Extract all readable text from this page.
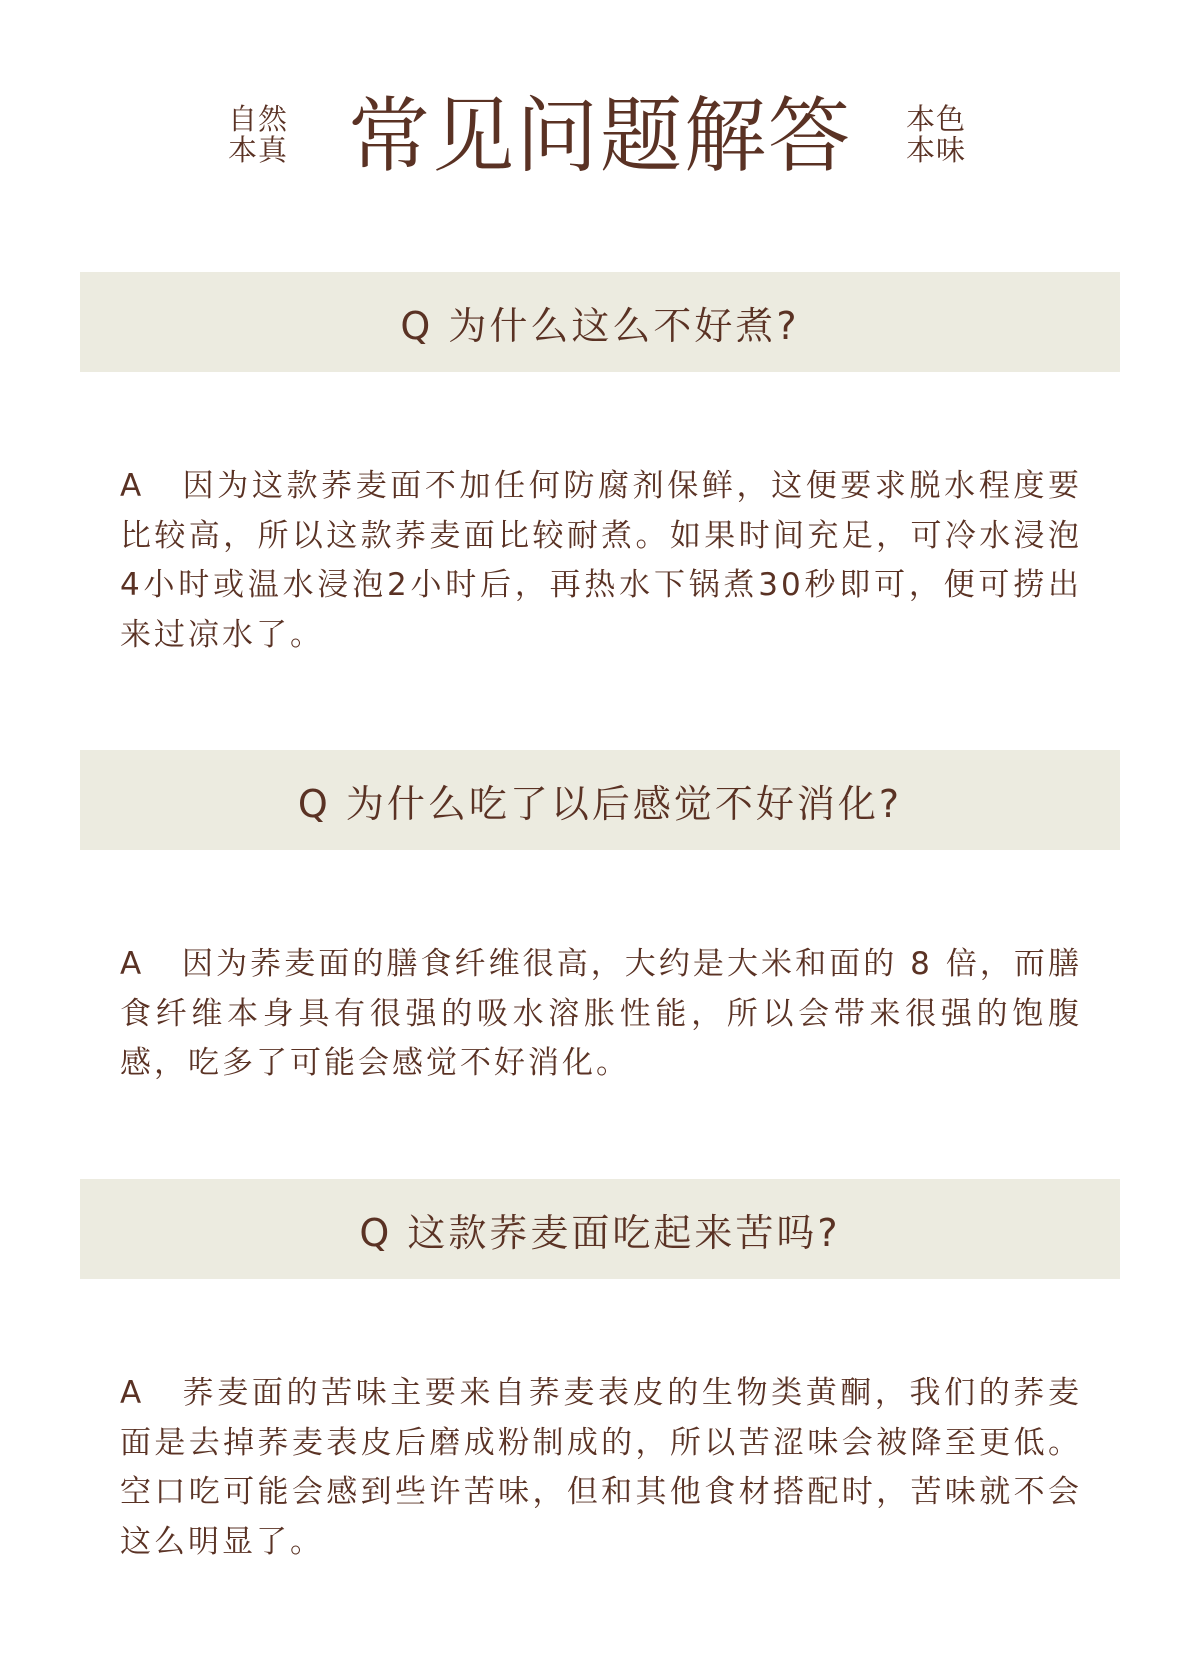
自然
本真 常见问题解答 本色
本味
Q 为什么这么不好煮?
A 因为这款荞麦面不加任何防腐剂保鲜，这便要求脱水程度要比较高，所以这款荞麦面比较耐煮。如果时间充足，可冷水浸泡4小时或温水浸泡2小时后，再热水下锅煮30秒即可，便可捞出来过凉水了。
Q 为什么吃了以后感觉不好消化?
A 因为荞麦面的膳食纤维很高，大约是大米和面的 8 倍，而膳食纤维本身具有很强的吸水溶胀性能，所以会带来很强的饱腹感，吃多了可能会感觉不好消化。
Q 这款荞麦面吃起来苦吗?
A 荞麦面的苦味主要来自荞麦表皮的生物类黄酮，我们的荞麦面是去掉荞麦表皮后磨成粉制成的，所以苦涩味会被降至更低。空口吃可能会感到些许苦味，但和其他食材搭配时，苦味就不会这么明显了。
